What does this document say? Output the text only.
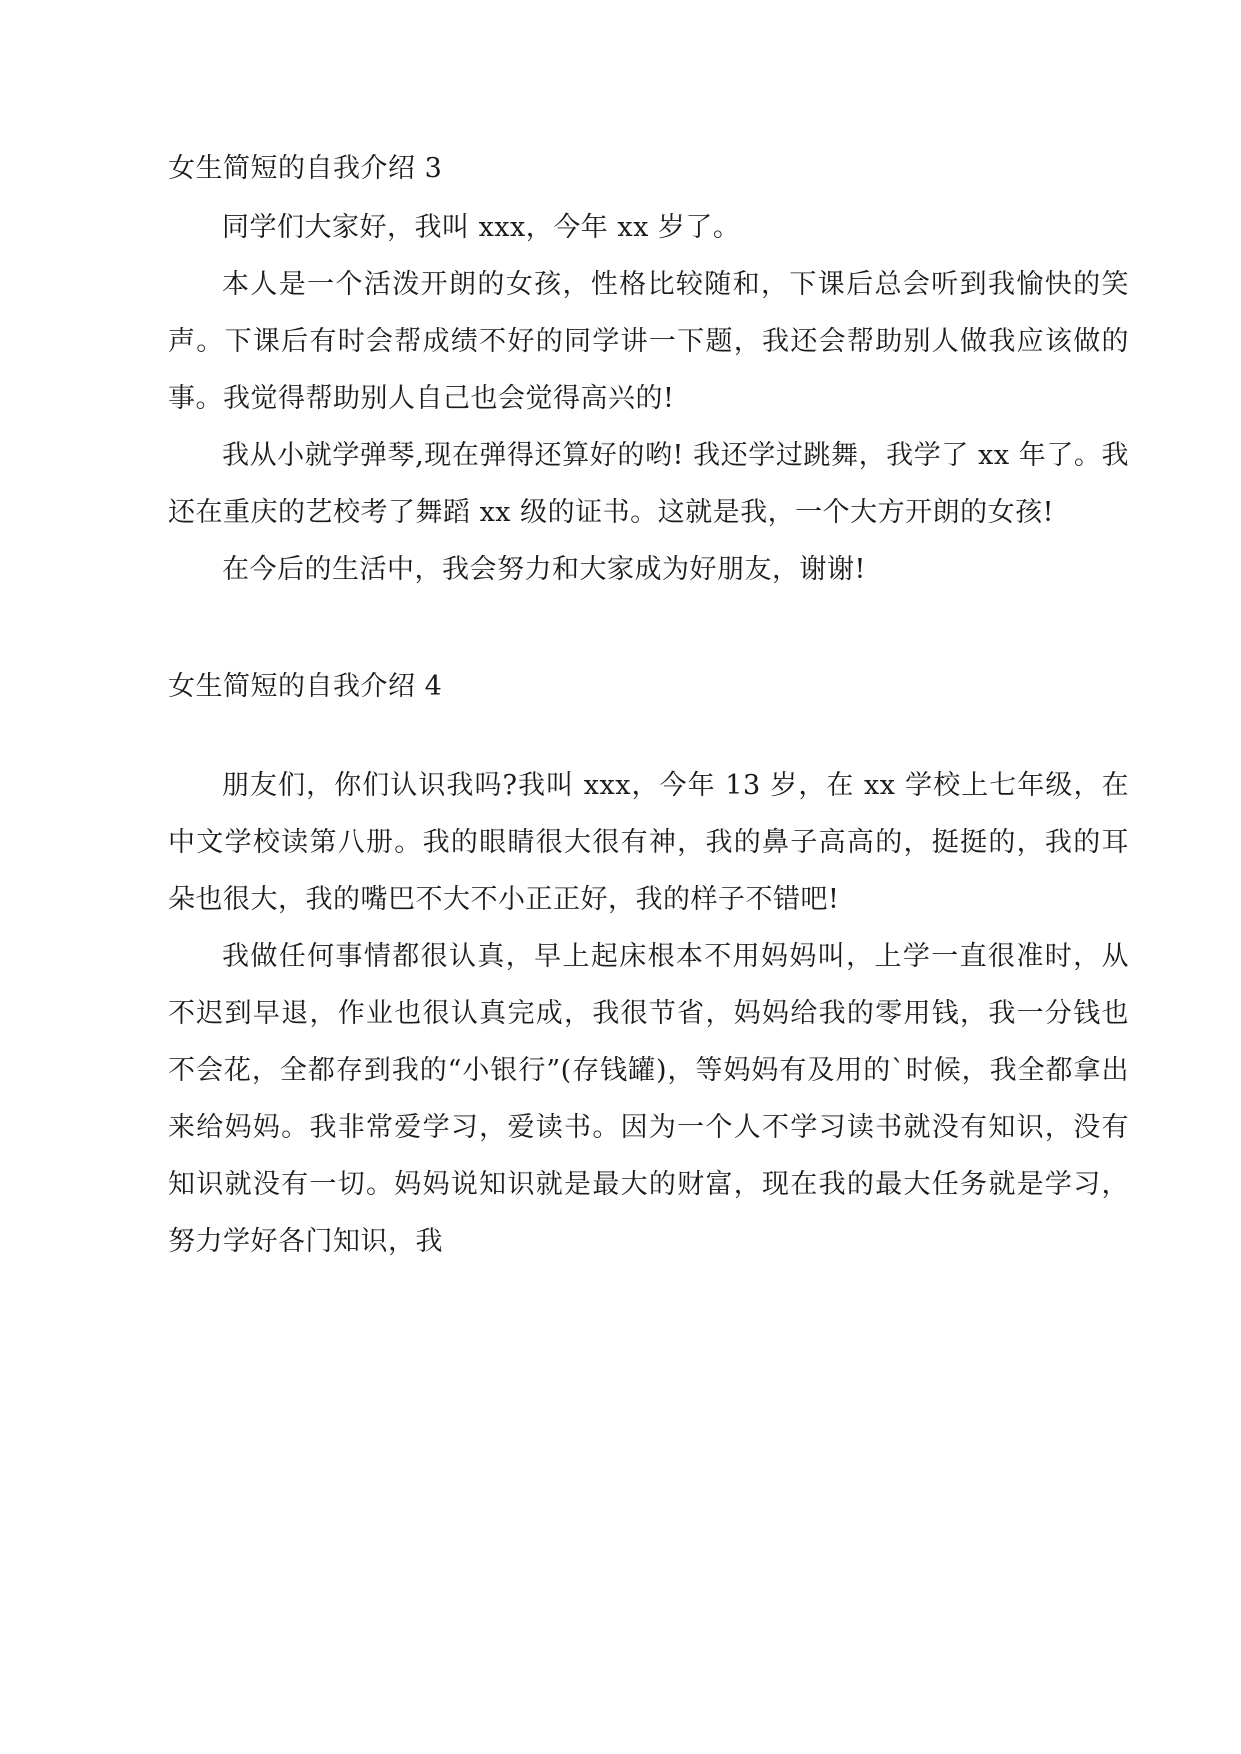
女生简短的自我介绍 3

同学们大家好，我叫 xxx，今年 xx 岁了。

本人是一个活泼开朗的女孩，性格比较随和，下课后总会听到我愉快的笑声。下课后有时会帮成绩不好的同学讲一下题，我还会帮助别人做我应该做的事。我觉得帮助别人自己也会觉得高兴的!

我从小就学弹琴,现在弹得还算好的哟! 我还学过跳舞，我学了 xx 年了。我还在重庆的艺校考了舞蹈 xx 级的证书。这就是我，一个大方开朗的女孩!

在今后的生活中，我会努力和大家成为好朋友，谢谢!

女生简短的自我介绍 4

朋友们，你们认识我吗?我叫 xxx，今年 13 岁，在 xx 学校上七年级，在中文学校读第八册。我的眼睛很大很有神，我的鼻子高高的，挺挺的，我的耳朵也很大，我的嘴巴不大不小正正好，我的样子不错吧!

我做任何事情都很认真，早上起床根本不用妈妈叫，上学一直很准时，从不迟到早退，作业也很认真完成，我很节省，妈妈给我的零用钱，我一分钱也不会花，全都存到我的“小银行”(存钱罐)，等妈妈有及用的`时候，我全都拿出来给妈妈。我非常爱学习，爱读书。因为一个人不学习读书就没有知识，没有知识就没有一切。妈妈说知识就是最大的财富，现在我的最大任务就是学习，努力学好各门知识，我
